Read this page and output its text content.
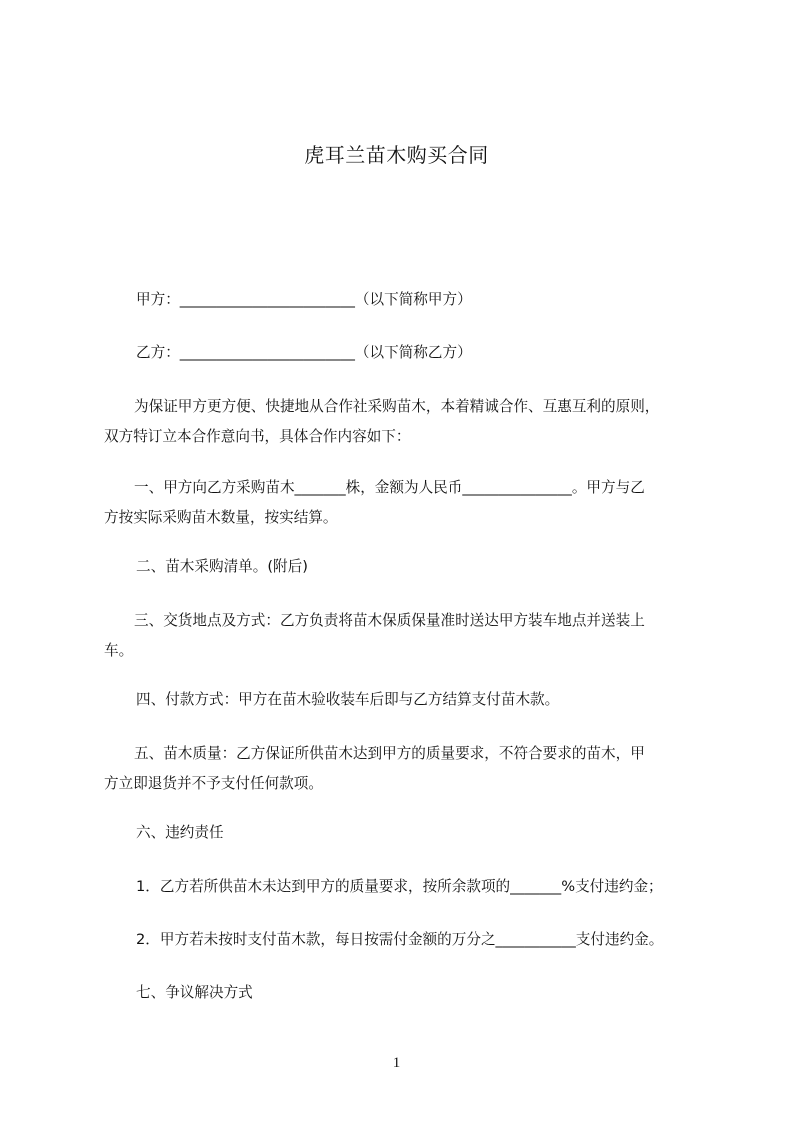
虎耳兰苗木购买合同
甲方：________________________（以下简称甲方）
乙方：________________________（以下简称乙方）
为保证甲方更方便、快捷地从合作社采购苗木，本着精诚合作、互惠互利的原则，
双方特订立本合作意向书，具体合作内容如下：
一、甲方向乙方采购苗木_______株，金额为人民币_______________。甲方与乙
方按实际采购苗木数量，按实结算。
二、苗木采购清单。(附后)
三、交货地点及方式：乙方负责将苗木保质保量准时送达甲方装车地点并送装上
车。
四、付款方式：甲方在苗木验收装车后即与乙方结算支付苗木款。
五、苗木质量：乙方保证所供苗木达到甲方的质量要求，不符合要求的苗木，甲
方立即退货并不予支付任何款项。
六、违约责任
1．乙方若所供苗木未达到甲方的质量要求，按所余款项的_______%支付违约金；
2．甲方若未按时支付苗木款，每日按需付金额的万分之___________支付违约金。
七、争议解决方式
1
